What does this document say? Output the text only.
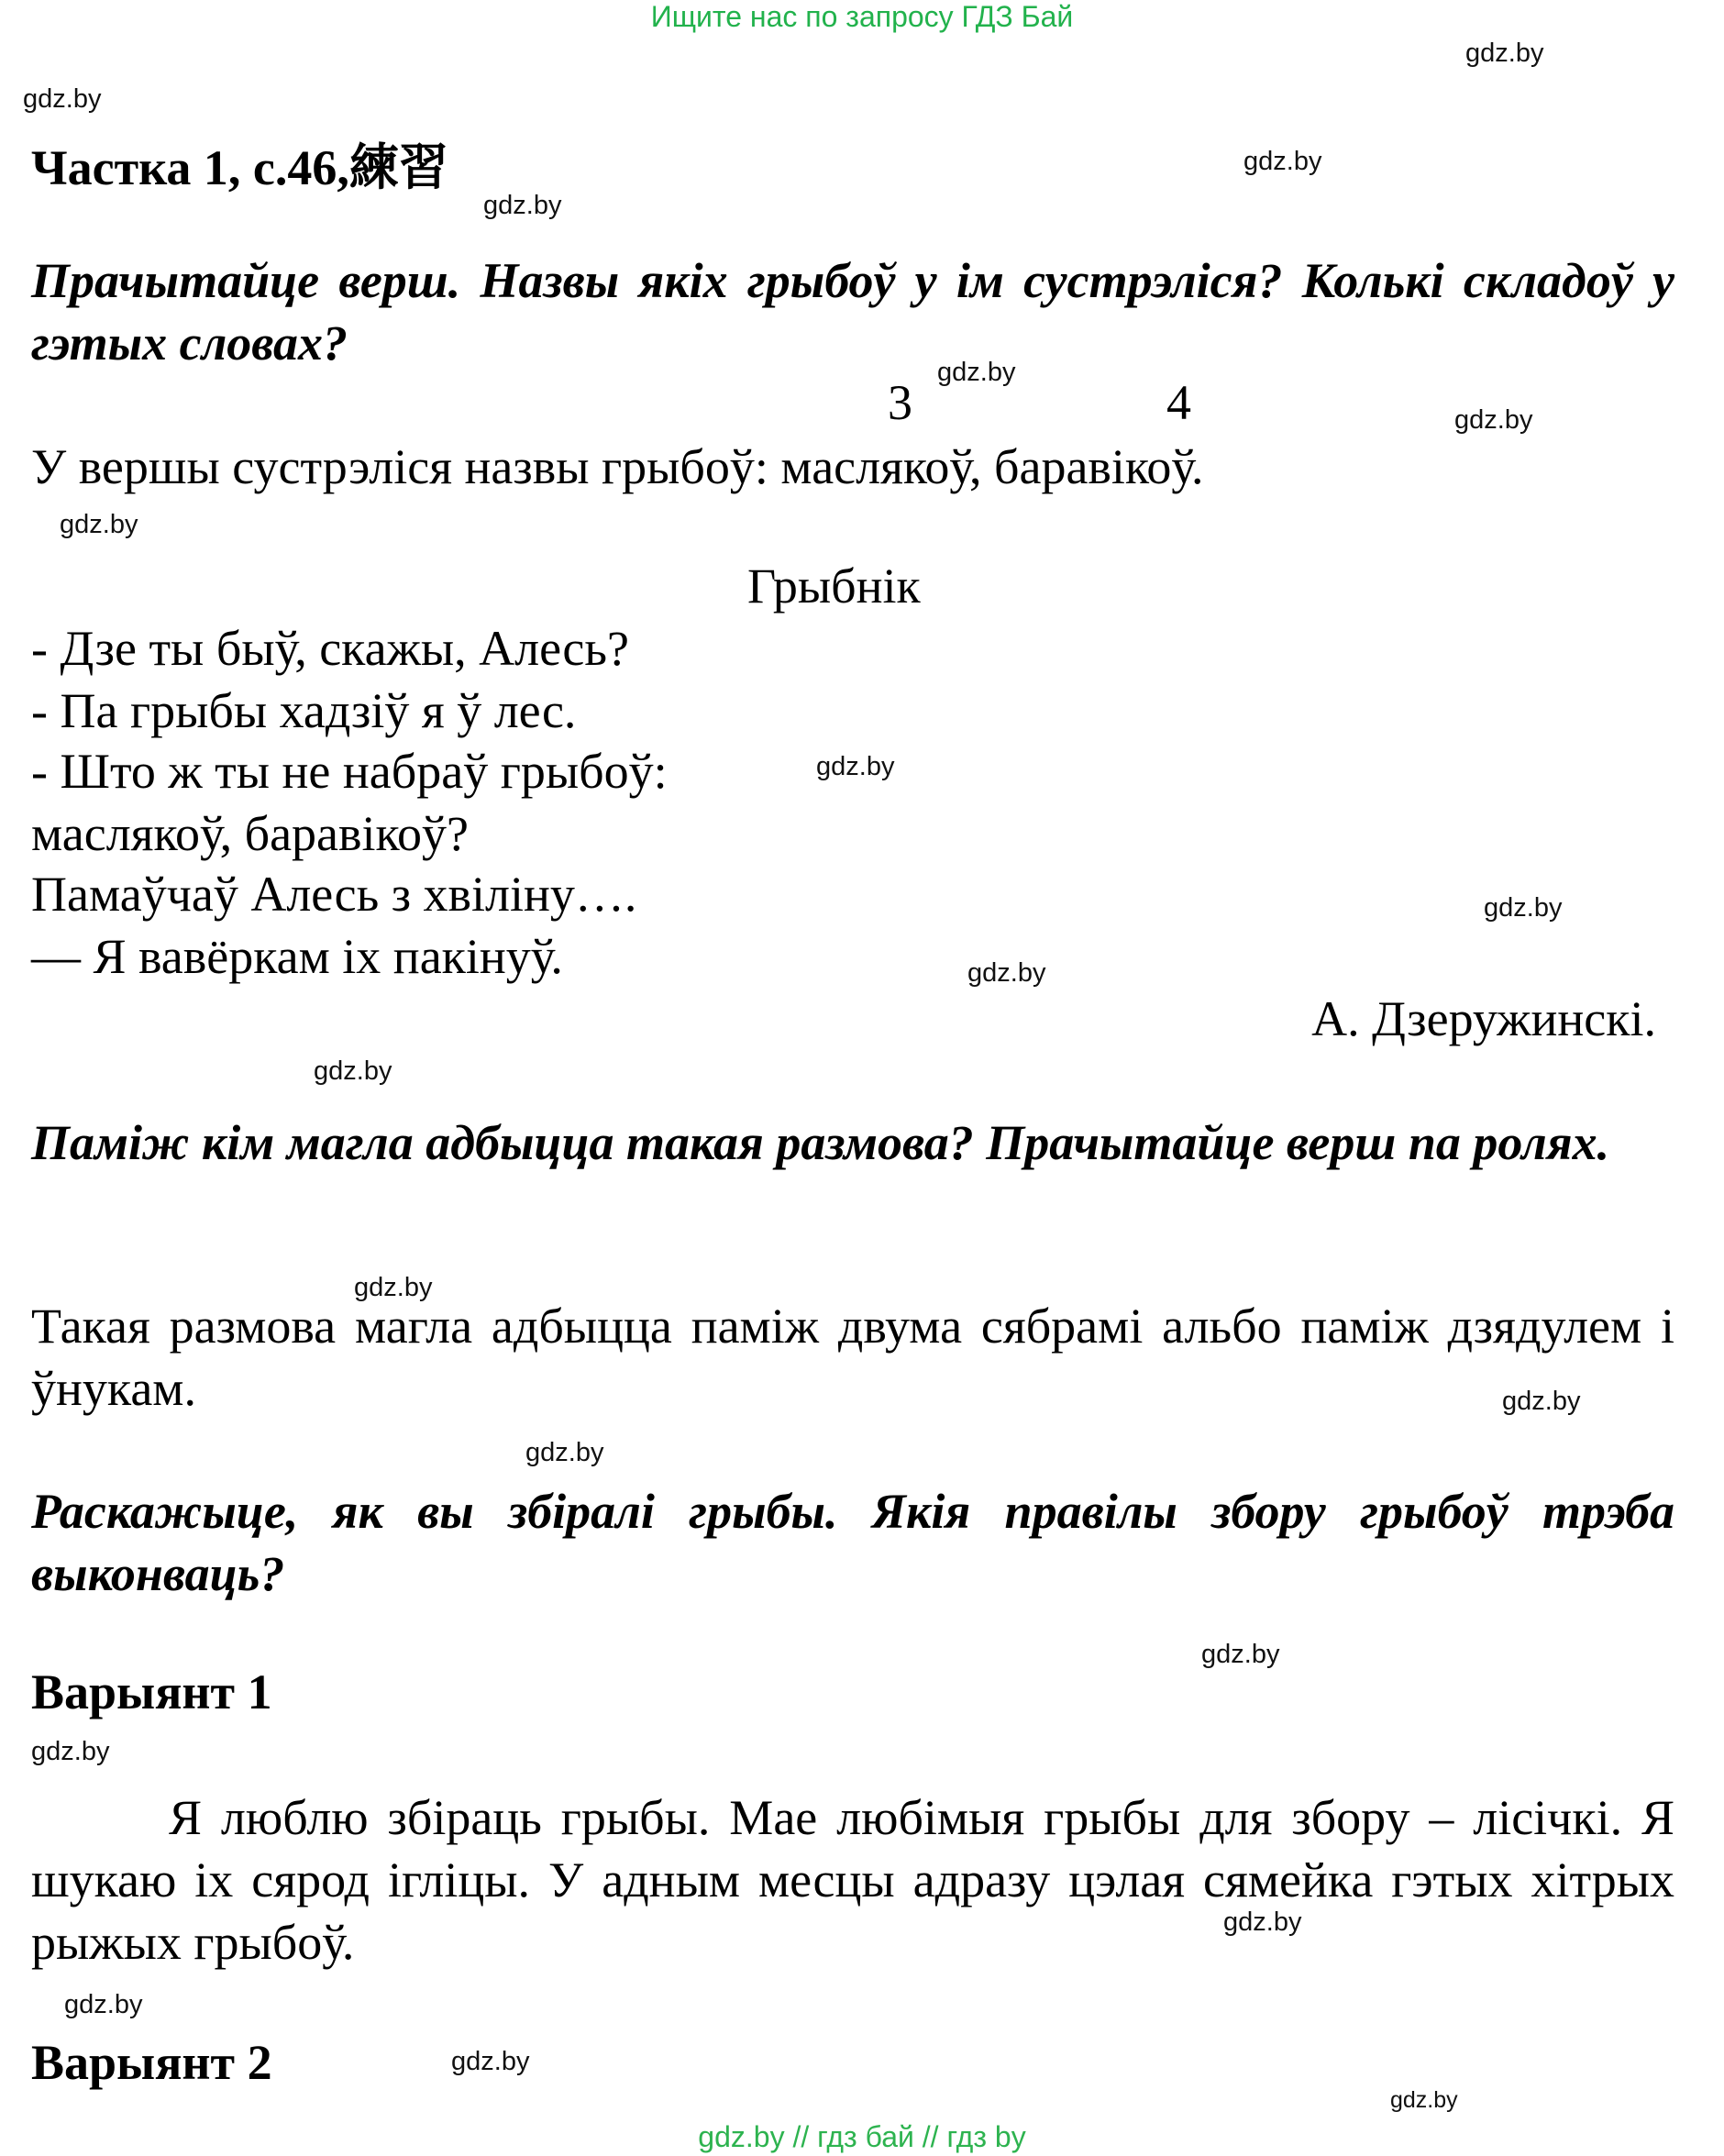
Ищите нас по запросу ГДЗ Бай
gdz.by
gdz.by
gdz.by
gdz.by
gdz.by
gdz.by
gdz.by
gdz.by
gdz.by
gdz.by
gdz.by
gdz.by
gdz.by
gdz.by
gdz.by
gdz.by
gdz.by
gdz.by
gdz.by
gdz.by
Частка 1, с.46,練習
Прачытайце верш. Назвы якіх грыбоў у ім сустрэліся? Колькі складоў у гэтых словах?
3	4
У вершы сустрэліся назвы грыбоў: маслякоў, баравікоў.
Грыбнік
- Дзе ты быў, скажы, Алесь?
- Па грыбы хадзіў я ў лес.
- Што ж ты не набраў грыбоў:
маслякоў, баравікоў?
Памаўчаў Алесь з хвіліну….
— Я вавёркам іх пакінуў.
А. Дзеружинскі.
Паміж кім магла адбыцца такая размова? Прачытайце верш па ролях.
Такая размова магла адбыцца паміж двума сябрамі альбо паміж дзядулем і ўнукам.
Раскажыце, як вы збіралі грыбы. Якія правілы збору грыбоў трэба выконваць?
Варыянт 1
Я люблю збіраць грыбы. Мае любімыя грыбы для збору – лісічкі. Я шукаю іх сярод ігліцы. У адным месцы адразу цэлая сямейка гэтых хітрых рыжых грыбоў.
Варыянт 2
gdz.by // гдз бай // гдз by
